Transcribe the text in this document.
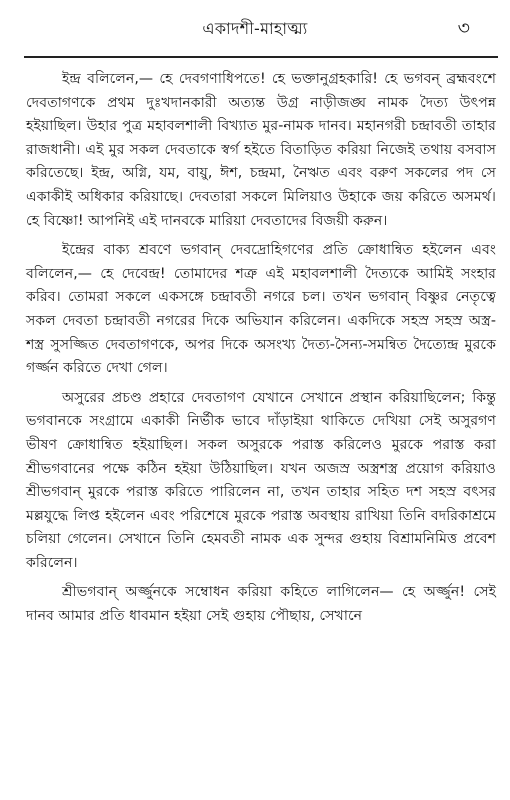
একাদশী-মাহাত্ম্য	৩

ইন্দ্র বলিলেন,— হে দেবগণাধিপতে! হে ভক্তানুগ্রহকারি! হে ভগবন্ ব্রহ্মবংশে দেবতাগণকে প্রথম দুঃখদানকারী অত্যন্ত উগ্র নাড়ীজঙ্ঘ নামক দৈত্য উৎপন্ন হইয়াছিল। উহার পুত্র মহাবলশালী বিখ্যাত মুর-নামক দানব। মহানগরী চন্দ্রাবতী তাহার রাজধানী। এই মুর সকল দেবতাকে স্বর্গ হইতে বিতাড়িত করিয়া নিজেই তথায় বসবাস করিতেছে। ইন্দ্র, অগ্নি, যম, বায়ু, ঈশ, চন্দ্রমা, নৈঋত এবং বরুণ সকলের পদ সে একাকীই অধিকার করিয়াছে। দেবতারা সকলে মিলিয়াও উহাকে জয় করিতে অসমর্থ। হে বিষ্ণো! আপনিই এই দানবকে মারিয়া দেবতাদের বিজয়ী করুন।

ইন্দ্রের বাক্য শ্রবণে ভগবান্ দেবদ্রোহিগণের প্রতি ক্রোধান্বিত হইলেন এবং বলিলেন,— হে দেবেন্দ্র! তোমাদের শত্রু এই মহাবলশালী দৈত্যকে আমিই সংহার করিব। তোমরা সকলে একসঙ্গে চন্দ্রাবতী নগরে চল। তখন ভগবান্ বিষ্ণুর নেতৃত্বে সকল দেবতা চন্দ্রাবতী নগরের দিকে অভিযান করিলেন। একদিকে সহস্র সহস্র অস্ত্র-শস্ত্র সুসজ্জিত দেবতাগণকে, অপর দিকে অসংখ্য দৈত্য-সৈন্য-সমন্বিত দৈত্যেন্দ্র মুরকে গর্জ্জন করিতে দেখা গেল।

অসুরের প্রচণ্ড প্রহারে দেবতাগণ যেখানে সেখানে প্রস্থান করিয়াছিলেন; কিন্তু ভগবানকে সংগ্রামে একাকী নির্ভীক ভাবে দাঁড়াইয়া থাকিতে দেখিয়া সেই অসুরগণ ভীষণ ক্রোধান্বিত হইয়াছিল। সকল অসুরকে পরাস্ত করিলেও মুরকে পরাস্ত করা শ্রীভগবানের পক্ষে কঠিন হইয়া উঠিয়াছিল। যখন অজস্র অস্ত্রশস্ত্র প্রয়োগ করিয়াও শ্রীভগবান্ মুরকে পরাস্ত করিতে পারিলেন না, তখন তাহার সহিত দশ সহস্র বৎসর মল্লযুদ্ধে লিপ্ত হইলেন এবং পরিশেষে মুরকে পরাস্ত অবস্থায় রাখিয়া তিনি বদরিকাশ্রমে চলিয়া গেলেন। সেখানে তিনি হেমবতী নামক এক সুন্দর গুহায় বিশ্রামনিমিত্ত প্রবেশ করিলেন।

শ্রীভগবান্ অর্জ্জুনকে সম্বোধন করিয়া কহিতে লাগিলেন— হে অর্জ্জুন! সেই দানব আমার প্রতি ধাবমান হইয়া সেই গুহায় পৌছায়, সেখানে
